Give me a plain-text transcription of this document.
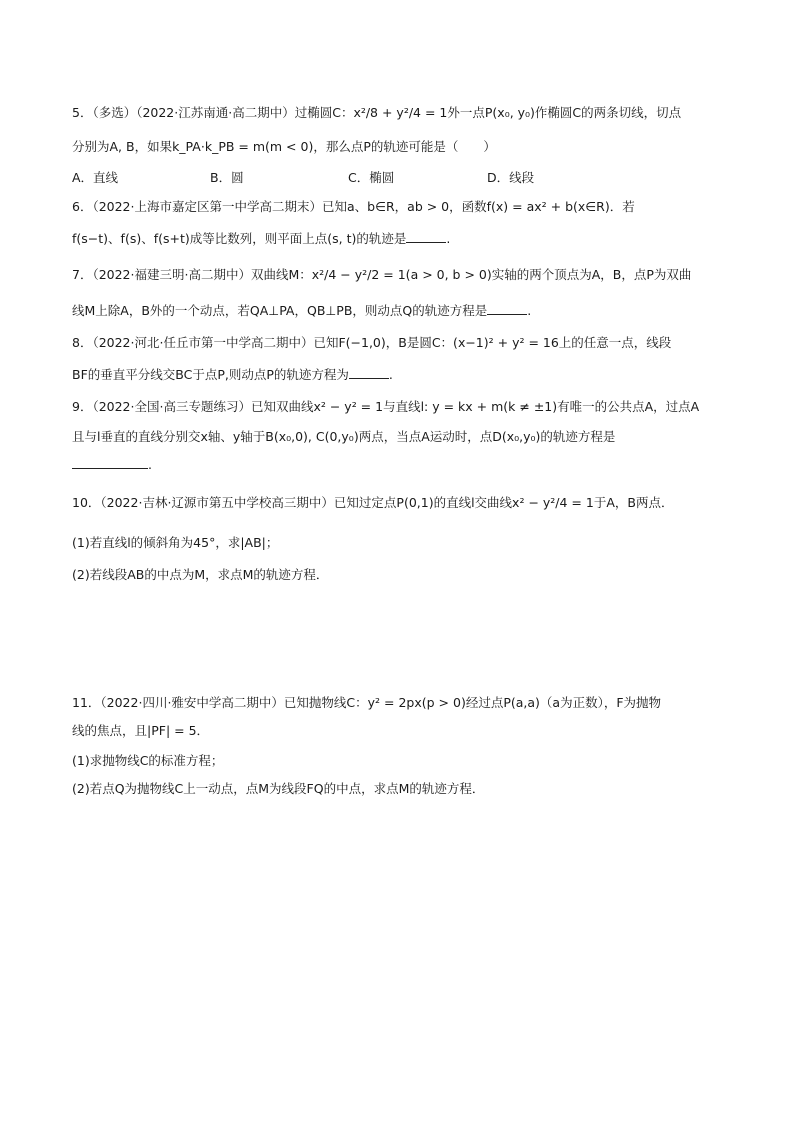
5．（多选）（2022·江苏南通·高二期中）过椭圆C：x²/8 + y²/4 = 1外一点P(x₀, y₀)作椭圆C的两条切线，切点
分别为A, B，如果k_PA·k_PB = m(m < 0)，那么点P的轨迹可能是（　　）
A．直线	B．圆	C．椭圆	D．线段
6．（2022·上海市嘉定区第一中学高二期末）已知a、b∈R，ab > 0，函数f(x) = ax² + b(x∈R)．若
f(s−t)、f(s)、f(s+t)成等比数列，则平面上点(s, t)的轨迹是	.
7．（2022·福建三明·高二期中）双曲线M：x²/4 − y²/2 = 1(a > 0, b > 0)实轴的两个顶点为A，B，点P为双曲
线M上除A，B外的一个动点，若QA⊥PA，QB⊥PB，则动点Q的轨迹方程是	.
8．（2022·河北·任丘市第一中学高二期中）已知F(−1,0)，B是圆C：(x−1)² + y² = 16上的任意一点，线段
BF的垂直平分线交BC于点P,则动点P的轨迹方程为	.
9．（2022·全国·高三专题练习）已知双曲线x² − y² = 1与直线l: y = kx + m(k ≠ ±1)有唯一的公共点A，过点A
且与l垂直的直线分别交x轴、y轴于B(x₀,0), C(0,y₀)两点，当点A运动时，点D(x₀,y₀)的轨迹方程是
.
10．（2022·吉林·辽源市第五中学校高三期中）已知过定点P(0,1)的直线l交曲线x² − y²/4 = 1于A，B两点．
(1)若直线l的倾斜角为45°，求|AB|；
(2)若线段AB的中点为M，求点M的轨迹方程．
11．（2022·四川·雅安中学高二期中）已知抛物线C：y² = 2px(p > 0)经过点P(a,a)（a为正数），F为抛物
线的焦点，且|PF| = 5．
(1)求抛物线C的标准方程；
(2)若点Q为抛物线C上一动点，点M为线段FQ的中点，求点M的轨迹方程．
